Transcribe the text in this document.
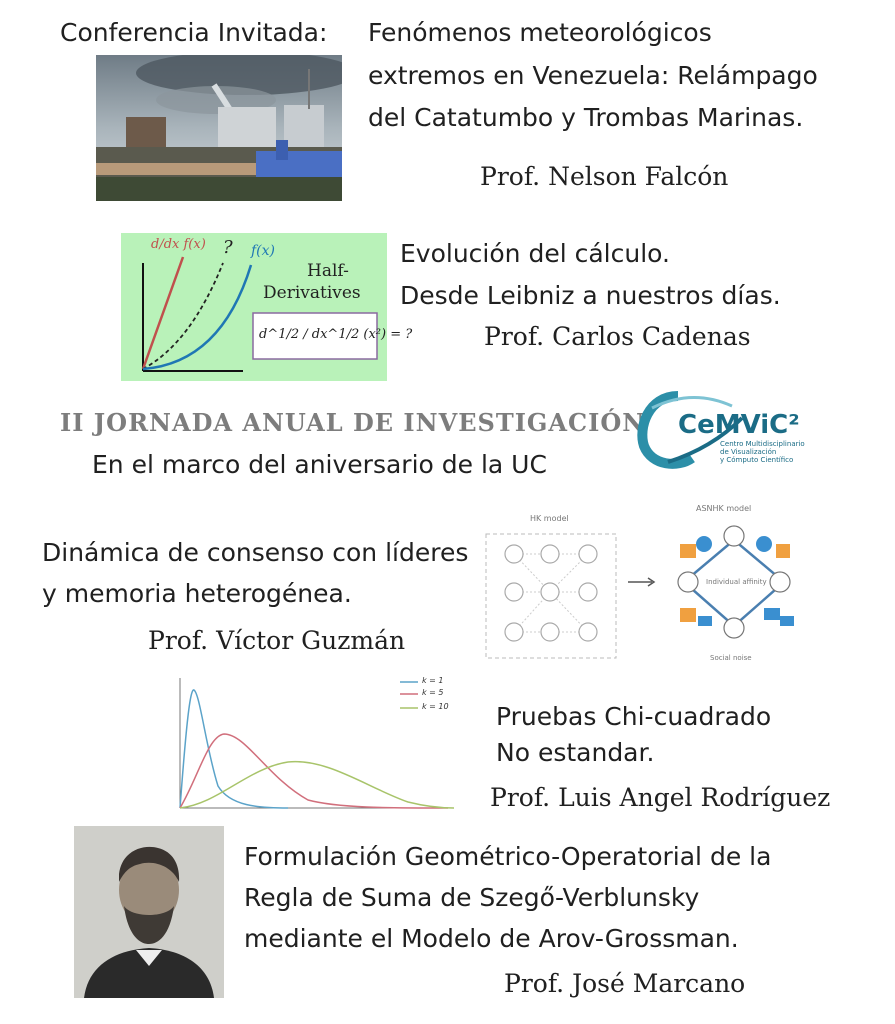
Conferencia Invitada: Fenómenos meteorológicos
extremos en Venezuela: Relámpago
del Catatumbo y Trombas Marinas.
Prof. Nelson Falcón
d/dx f(x) ? f(x)
Half-
Derivatives
d^1/2 / dx^1/2 (x²) = ?
Evolución del cálculo.
Desde Leibniz a nuestros días.
Prof. Carlos Cadenas
II JORNADA ANUAL DE INVESTIGACIÓN
En el marco del aniversario de la UC
CeMViC²
Centro Multidisciplinario
de Visualización
y Cómputo Científico
Dinámica de consenso con líderes
y memoria heterogénea.
Prof. Víctor Guzmán
HK model
ASNHK model
Individual affinity
Social noise
k = 1
k = 5
k = 10 Pruebas Chi-cuadrado
No estandar.
Prof. Luis Angel Rodríguez
Formulación Geométrico-Operatorial de la
Regla de Suma de Szegő-Verblunsky
mediante el Modelo de Arov-Grossman.
Prof. José Marcano
